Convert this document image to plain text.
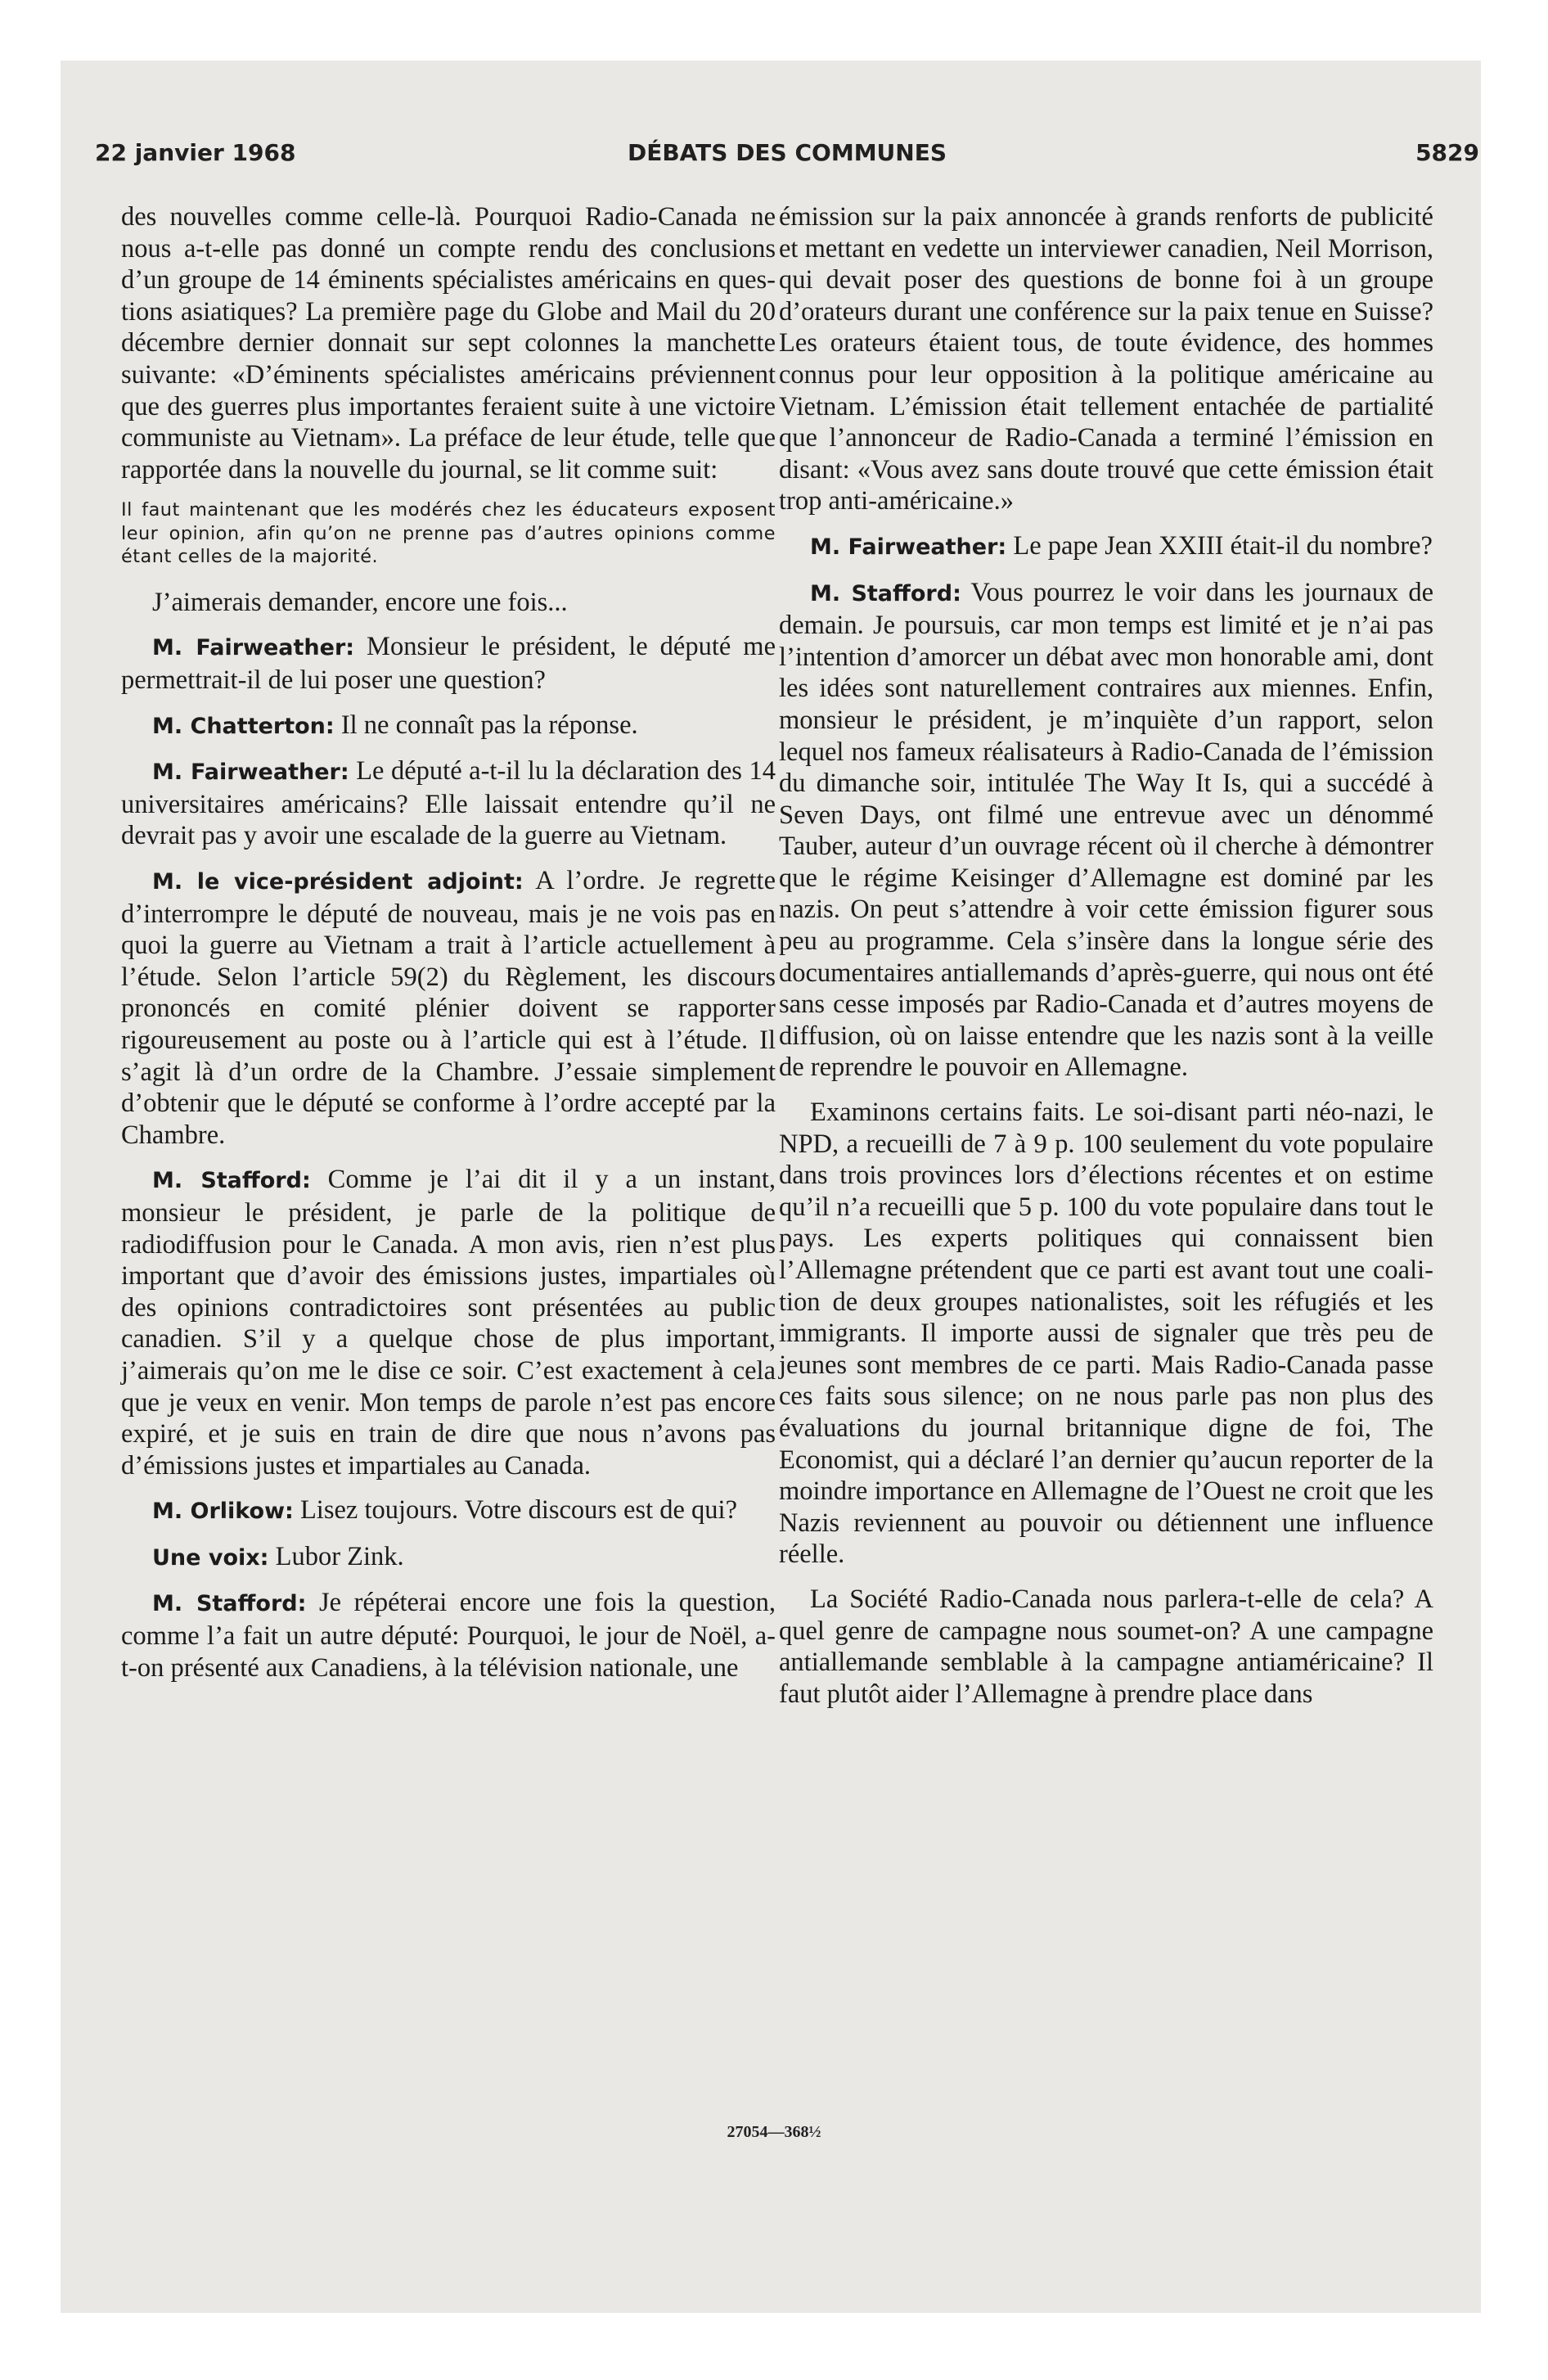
22 janvier 1968	DÉBATS DES COMMUNES	5829

des nouvelles comme celle-là. Pourquoi Radio-Canada ne nous a-t-elle pas donné un compte rendu des conclusions d’un groupe de 14 éminents spécialistes américains en questions asiatiques? La première page du Globe and Mail du 20 décembre dernier donnait sur sept colonnes la manchette suivante: «D’éminents spécialistes américains préviennent que des guerres plus importantes feraient suite à une victoire communiste au Vietnam». La préface de leur étude, telle que rapportée dans la nouvelle du journal, se lit comme suit:

Il faut maintenant que les modérés chez les éducateurs exposent leur opinion, afin qu’on ne prenne pas d’autres opinions comme étant celles de la majorité.

J’aimerais demander, encore une fois...

M. Fairweather: Monsieur le président, le député me permettrait-il de lui poser une question?

M. Chatterton: Il ne connaît pas la réponse.

M. Fairweather: Le député a-t-il lu la déclaration des 14 universitaires américains? Elle laissait entendre qu’il ne devrait pas y avoir une escalade de la guerre au Vietnam.

M. le vice-président adjoint: A l’ordre. Je regrette d’interrompre le député de nouveau, mais je ne vois pas en quoi la guerre au Vietnam a trait à l’article actuellement à l’étude. Selon l’article 59(2) du Règlement, les discours prononcés en comité plénier doivent se rapporter rigoureusement au poste ou à l’article qui est à l’étude. Il s’agit là d’un ordre de la Chambre. J’essaie simplement d’obtenir que le député se conforme à l’ordre accepté par la Chambre.

M. Stafford: Comme je l’ai dit il y a un instant, monsieur le président, je parle de la politique de radiodiffusion pour le Canada. A mon avis, rien n’est plus important que d’avoir des émissions justes, impartiales où des opinions contradictoires sont présentées au public canadien. S’il y a quelque chose de plus important, j’aimerais qu’on me le dise ce soir. C’est exactement à cela que je veux en venir. Mon temps de parole n’est pas encore expiré, et je suis en train de dire que nous n’avons pas d’émissions justes et impartiales au Canada.

M. Orlikow: Lisez toujours. Votre discours est de qui?

Une voix: Lubor Zink.

M. Stafford: Je répéterai encore une fois la question, comme l’a fait un autre député: Pourquoi, le jour de Noël, a-t-on présenté aux Canadiens, à la télévision nationale, une

émission sur la paix annoncée à grands renforts de publicité et mettant en vedette un interviewer canadien, Neil Morrison, qui devait poser des questions de bonne foi à un groupe d’orateurs durant une conférence sur la paix tenue en Suisse? Les orateurs étaient tous, de toute évidence, des hommes connus pour leur opposition à la politique américaine au Vietnam. L’émission était tellement entachée de partialité que l’annonceur de Radio-Canada a terminé l’émission en disant: «Vous avez sans doute trouvé que cette émission était trop anti-américaine.»

M. Fairweather: Le pape Jean XXIII était-il du nombre?

M. Stafford: Vous pourrez le voir dans les journaux de demain. Je poursuis, car mon temps est limité et je n’ai pas l’intention d’amorcer un débat avec mon honorable ami, dont les idées sont naturellement contraires aux miennes. Enfin, monsieur le président, je m’inquiète d’un rapport, selon lequel nos fameux réalisateurs à Radio-Canada de l’émission du dimanche soir, intitulée The Way It Is, qui a succédé à Seven Days, ont filmé une entrevue avec un dénommé Tauber, auteur d’un ouvrage récent où il cherche à démontrer que le régime Keisinger d’Allemagne est dominé par les nazis. On peut s’attendre à voir cette émission figurer sous peu au programme. Cela s’insère dans la longue série des documentaires antiallemands d’après-guerre, qui nous ont été sans cesse imposés par Radio-Canada et d’autres moyens de diffusion, où on laisse entendre que les nazis sont à la veille de reprendre le pouvoir en Allemagne.

Examinons certains faits. Le soi-disant parti néo-nazi, le NPD, a recueilli de 7 à 9 p. 100 seulement du vote populaire dans trois provinces lors d’élections récentes et on estime qu’il n’a recueilli que 5 p. 100 du vote populaire dans tout le pays. Les experts politiques qui connaissent bien l’Allemagne prétendent que ce parti est avant tout une coalition de deux groupes nationalistes, soit les réfugiés et les immigrants. Il importe aussi de signaler que très peu de jeunes sont membres de ce parti. Mais Radio-Canada passe ces faits sous silence; on ne nous parle pas non plus des évaluations du journal britannique digne de foi, The Economist, qui a déclaré l’an dernier qu’aucun reporter de la moindre importance en Allemagne de l’Ouest ne croit que les Nazis reviennent au pouvoir ou détiennent une influence réelle.

La Société Radio-Canada nous parlera-t-elle de cela? A quel genre de campagne nous soumet-on? A une campagne antiallemande semblable à la campagne antiaméricaine? Il faut plutôt aider l’Allemagne à prendre place dans

27054—368½
